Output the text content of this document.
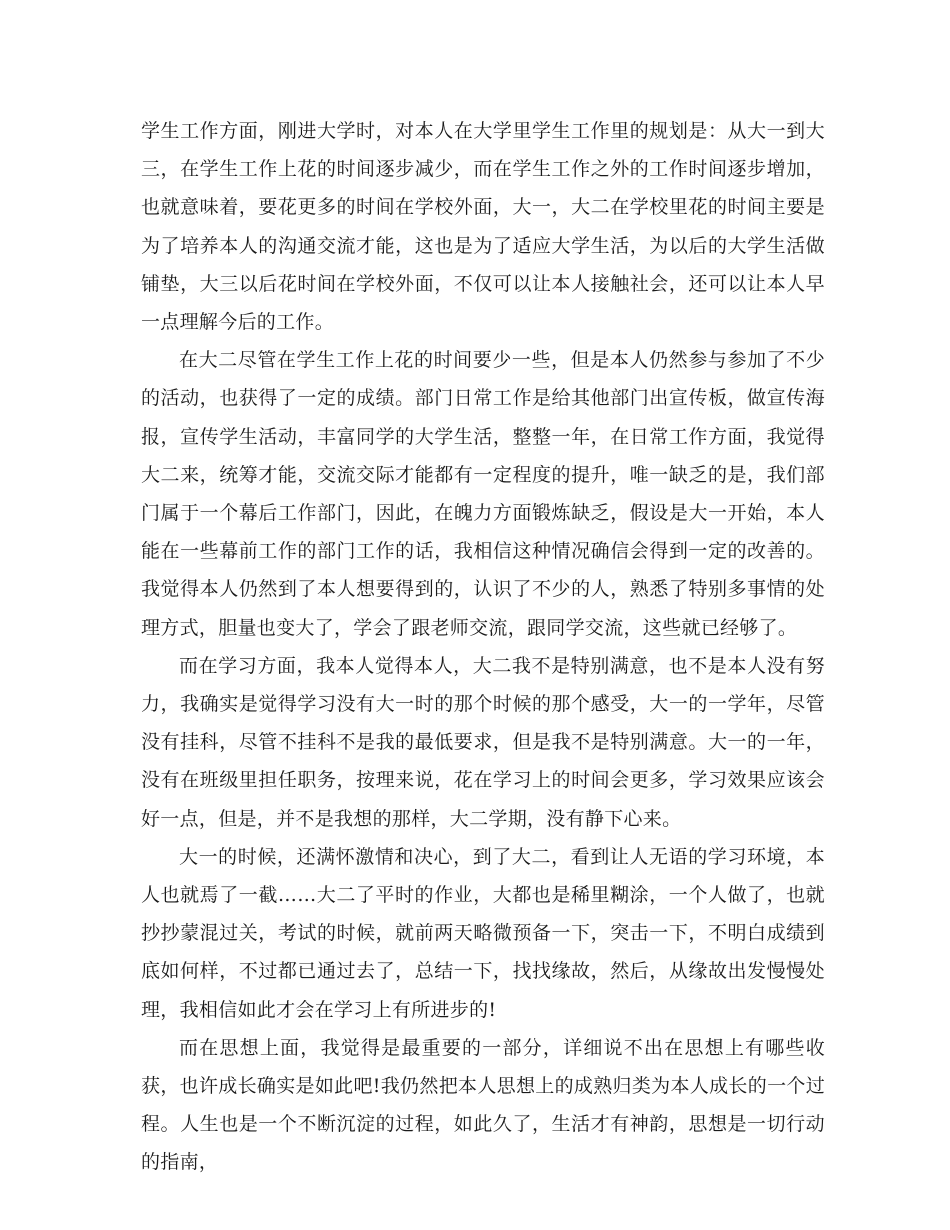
学生工作方面，刚进大学时，对本人在大学里学生工作里的规划是：从大一到大三，在学生工作上花的时间逐步减少，而在学生工作之外的工作时间逐步增加，也就意味着，要花更多的时间在学校外面，大一，大二在学校里花的时间主要是为了培养本人的沟通交流才能，这也是为了适应大学生活，为以后的大学生活做铺垫，大三以后花时间在学校外面，不仅可以让本人接触社会，还可以让本人早一点理解今后的工作。

在大二尽管在学生工作上花的时间要少一些，但是本人仍然参与参加了不少的活动，也获得了一定的成绩。部门日常工作是给其他部门出宣传板，做宣传海报，宣传学生活动，丰富同学的大学生活，整整一年，在日常工作方面，我觉得大二来，统筹才能，交流交际才能都有一定程度的提升，唯一缺乏的是，我们部门属于一个幕后工作部门，因此，在魄力方面锻炼缺乏，假设是大一开始，本人能在一些幕前工作的部门工作的话，我相信这种情况确信会得到一定的改善的。我觉得本人仍然到了本人想要得到的，认识了不少的人，熟悉了特别多事情的处理方式，胆量也变大了，学会了跟老师交流，跟同学交流，这些就已经够了。

而在学习方面，我本人觉得本人，大二我不是特别满意，也不是本人没有努力，我确实是觉得学习没有大一时的那个时候的那个感受，大一的一学年，尽管没有挂科，尽管不挂科不是我的最低要求，但是我不是特别满意。大一的一年，没有在班级里担任职务，按理来说，花在学习上的时间会更多，学习效果应该会好一点，但是，并不是我想的那样，大二学期，没有静下心来。

大一的时候，还满怀激情和决心，到了大二，看到让人无语的学习环境，本人也就焉了一截……大二了平时的作业，大都也是稀里糊涂，一个人做了，也就抄抄蒙混过关，考试的时候，就前两天略微预备一下，突击一下，不明白成绩到底如何样，不过都已通过去了，总结一下，找找缘故，然后，从缘故出发慢慢处理，我相信如此才会在学习上有所进步的!

而在思想上面，我觉得是最重要的一部分，详细说不出在思想上有哪些收获，也许成长确实是如此吧!我仍然把本人思想上的成熟归类为本人成长的一个过程。人生也是一个不断沉淀的过程，如此久了，生活才有神韵，思想是一切行动的指南，
